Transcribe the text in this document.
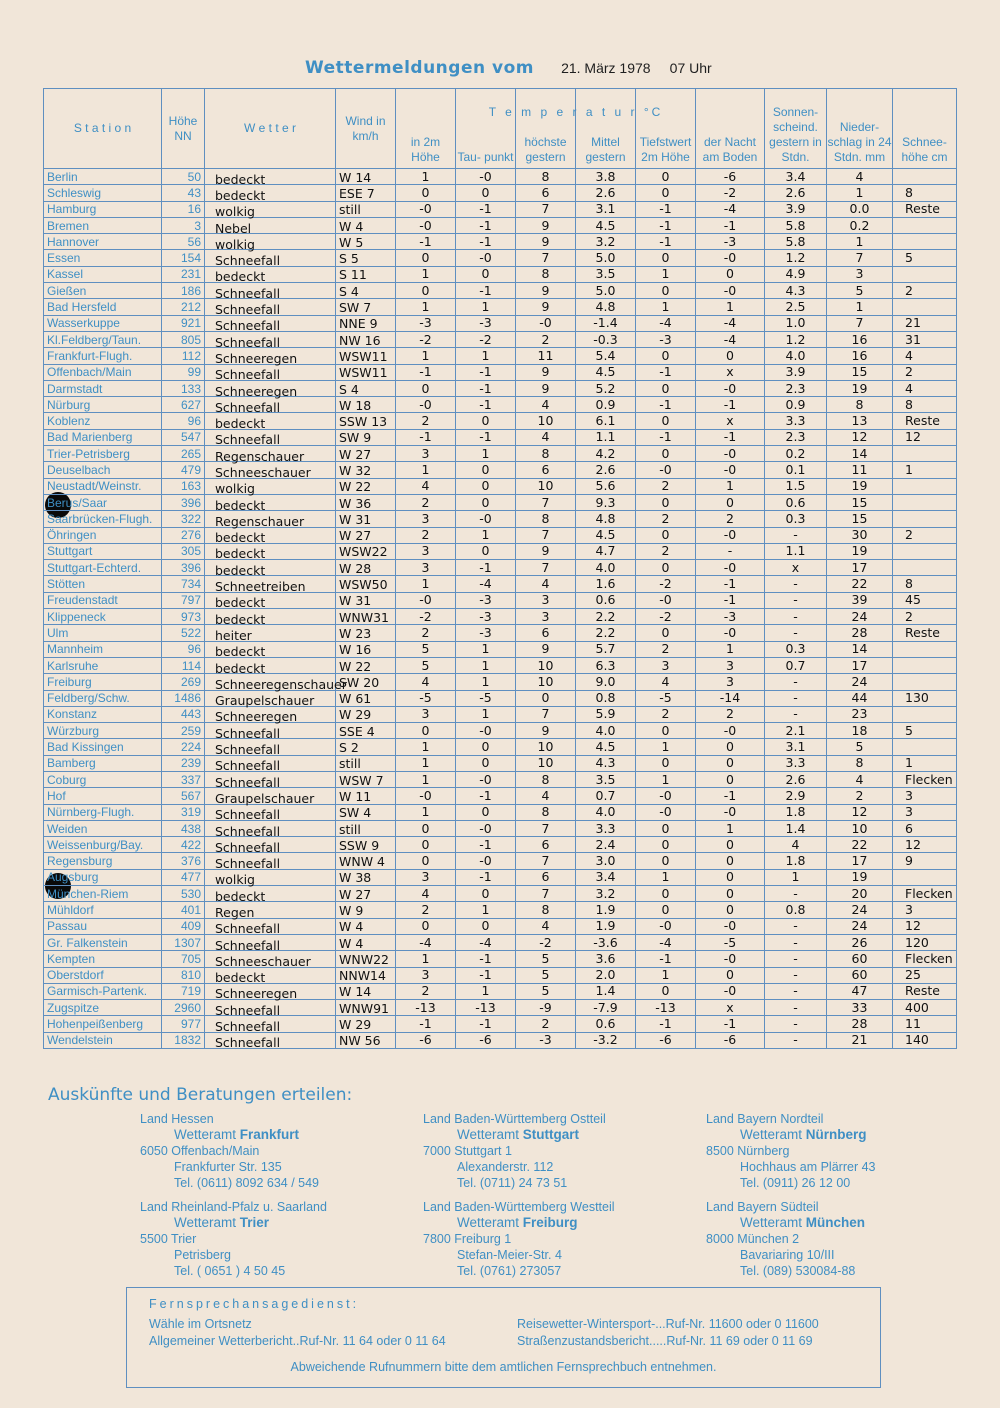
Wettermeldungen vom 21. März 1978 07 Uhr
S t a t i o n	Höhe NN	W e t t e r	Wind in km/h	T e m p e r a t u r °C
in 2m Höhe	Tau- punkt	höchste gestern	Mittel gestern	Tiefstwert 2m Höhe	der Nacht am Boden	Sonnen- scheind. gestern in Stdn.	Nieder- schlag in 24 Stdn. mm	Schnee- höhe cm
Berlin	50	bedeckt	W 14	1	-0	8	3.8	0	-6	3.4	4	
Schleswig	43	bedeckt	ESE 7	0	0	6	2.6	0	-2	2.6	1	8
Hamburg	16	wolkig	still	-0	-1	7	3.1	-1	-4	3.9	0.0	Reste
Bremen	3	Nebel	W 4	-0	-1	9	4.5	-1	-1	5.8	0.2	
Hannover	56	wolkig	W 5	-1	-1	9	3.2	-1	-3	5.8	1	
Essen	154	Schneefall	S 5	0	-0	7	5.0	0	-0	1.2	7	5
Kassel	231	bedeckt	S 11	1	0	8	3.5	1	0	4.9	3	
Gießen	186	Schneefall	S 4	0	-1	9	5.0	0	-0	4.3	5	2
Bad Hersfeld	212	Schneefall	SW 7	1	1	9	4.8	1	1	2.5	1	
Wasserkuppe	921	Schneefall	NNE 9	-3	-3	-0	-1.4	-4	-4	1.0	7	21
Kl.Feldberg/Taun.	805	Schneefall	NW 16	-2	-2	2	-0.3	-3	-4	1.2	16	31
Frankfurt-Flugh.	112	Schneeregen	WSW11	1	1	11	5.4	0	0	4.0	16	4
Offenbach/Main	99	Schneefall	WSW11	-1	-1	9	4.5	-1	x	3.9	15	2
Darmstadt	133	Schneeregen	S 4	0	-1	9	5.2	0	-0	2.3	19	4
Nürburg	627	Schneefall	W 18	-0	-1	4	0.9	-1	-1	0.9	8	8
Koblenz	96	bedeckt	SSW 13	2	0	10	6.1	0	x	3.3	13	Reste
Bad Marienberg	547	Schneefall	SW 9	-1	-1	4	1.1	-1	-1	2.3	12	12
Trier-Petrisberg	265	Regenschauer	W 27	3	1	8	4.2	0	-0	0.2	14	
Deuselbach	479	Schneeschauer	W 32	1	0	6	2.6	-0	-0	0.1	11	1
Neustadt/Weinstr.	163	wolkig	W 22	4	0	10	5.6	2	1	1.5	19	
Berus/Saar	396	bedeckt	W 36	2	0	7	9.3	0	0	0.6	15	
Saarbrücken-Flugh.	322	Regenschauer	W 31	3	-0	8	4.8	2	2	0.3	15	
Öhringen	276	bedeckt	W 27	2	1	7	4.5	0	-0	-	30	2
Stuttgart	305	bedeckt	WSW22	3	0	9	4.7	2	-	1.1	19	
Stuttgart-Echterd.	396	bedeckt	W 28	3	-1	7	4.0	0	-0	x	17	
Stötten	734	Schneetreiben	WSW50	1	-4	4	1.6	-2	-1	-	22	8
Freudenstadt	797	bedeckt	W 31	-0	-3	3	0.6	-0	-1	-	39	45
Klippeneck	973	bedeckt	WNW31	-2	-3	3	2.2	-2	-3	-	24	2
Ulm	522	heiter	W 23	2	-3	6	2.2	0	-0	-	28	Reste
Mannheim	96	bedeckt	W 16	5	1	9	5.7	2	1	0.3	14	
Karlsruhe	114	bedeckt	W 22	5	1	10	6.3	3	3	0.7	17	
Freiburg	269	Schneeregenschauer	SW 20	4	1	10	9.0	4	3	-	24	
Feldberg/Schw.	1486	Graupelschauer	W 61	-5	-5	0	0.8	-5	-14	-	44	130
Konstanz	443	Schneeregen	W 29	3	1	7	5.9	2	2	-	23	
Würzburg	259	Schneefall	SSE 4	0	-0	9	4.0	0	-0	2.1	18	5
Bad Kissingen	224	Schneefall	S 2	1	0	10	4.5	1	0	3.1	5	
Bamberg	239	Schneefall	still	1	0	10	4.3	0	0	3.3	8	1
Coburg	337	Schneefall	WSW 7	1	-0	8	3.5	1	0	2.6	4	Flecken
Hof	567	Graupelschauer	W 11	-0	-1	4	0.7	-0	-1	2.9	2	3
Nürnberg-Flugh.	319	Schneefall	SW 4	1	0	8	4.0	-0	-0	1.8	12	3
Weiden	438	Schneefall	still	0	-0	7	3.3	0	1	1.4	10	6
Weissenburg/Bay.	422	Schneefall	SSW 9	0	-1	6	2.4	0	0	4	22	12
Regensburg	376	Schneefall	WNW 4	0	-0	7	3.0	0	0	1.8	17	9
Augsburg	477	wolkig	W 38	3	-1	6	3.4	1	0	1	19	
München-Riem	530	bedeckt	W 27	4	0	7	3.2	0	0	-	20	Flecken
Mühldorf	401	Regen	W 9	2	1	8	1.9	0	0	0.8	24	3
Passau	409	Schneefall	W 4	0	0	4	1.9	-0	-0	-	24	12
Gr. Falkenstein	1307	Schneefall	W 4	-4	-4	-2	-3.6	-4	-5	-	26	120
Kempten	705	Schneeschauer	WNW22	1	-1	5	3.6	-1	-0	-	60	Flecken
Oberstdorf	810	bedeckt	NNW14	3	-1	5	2.0	1	0	-	60	25
Garmisch-Partenk.	719	Schneeregen	W 14	2	1	5	1.4	0	-0	-	47	Reste
Zugspitze	2960	Schneefall	WNW91	-13	-13	-9	-7.9	-13	x	-	33	400
Hohenpeißenberg	977	Schneefall	W 29	-1	-1	2	0.6	-1	-1	-	28	11
Wendelstein	1832	Schneefall	NW 56	-6	-6	-3	-3.2	-6	-6	-	21	140
Auskünfte und Beratungen erteilen:
Land Hessen
Wetteramt Frankfurt
6050 Offenbach/Main
Frankfurter Str. 135
Tel. (0611) 8092 634 / 549
Land Baden-Württemberg Ostteil
Wetteramt Stuttgart
7000 Stuttgart 1
Alexanderstr. 112
Tel. (0711) 24 73 51
Land Bayern Nordteil
Wetteramt Nürnberg
8500 Nürnberg
Hochhaus am Plärrer 43
Tel. (0911) 26 12 00
Land Rheinland-Pfalz u. Saarland
Wetteramt Trier
5500 Trier
Petrisberg
Tel. ( 0651 ) 4 50 45
Land Baden-Württemberg Westteil
Wetteramt Freiburg
7800 Freiburg 1
Stefan-Meier-Str. 4
Tel. (0761) 273057
Land Bayern Südteil
Wetteramt München
8000 München 2
Bavariaring 10/III
Tel. (089) 530084-88
Fernsprechansagedienst:
Wähle im Ortsnetz
Allgemeiner Wetterbericht..Ruf-Nr. 11 64 oder 0 11 64
Reisewetter-Wintersport-...Ruf-Nr. 11600 oder 0 11600
Straßenzustandsbericht.....Ruf-Nr. 11 69 oder 0 11 69
Abweichende Rufnummern bitte dem amtlichen Fernsprechbuch entnehmen.
